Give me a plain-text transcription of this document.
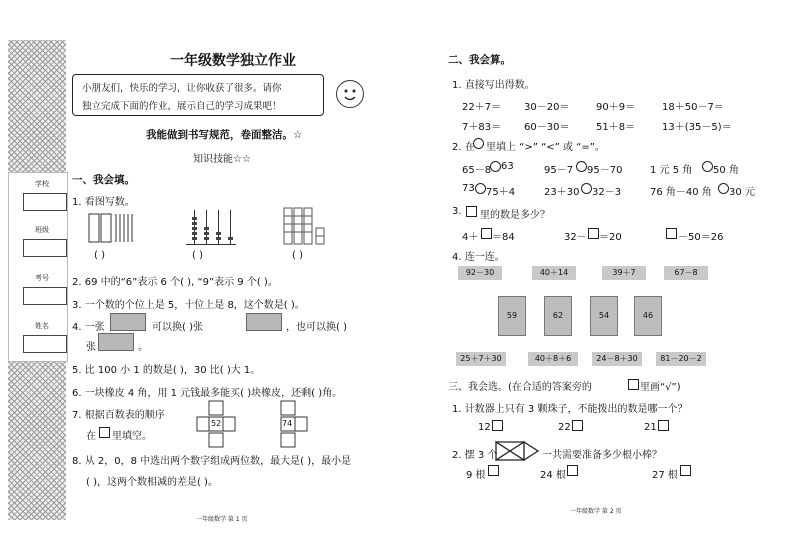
学校
班级
考号
姓名
一年级数学独立作业
小朋友们，快乐的学习，让你收获了很多。请你
独立完成下面的作业，展示自己的学习成果吧！
我能做到书写规范，卷面整洁。☆
知识技能☆☆
一、我会填。
1. 看图写数。
( )	( )	( )
2. 69 中的“6”表示 6 个( ), “9”表示 9 个( )。
3. 一个数的个位上是 5，十位上是 8，这个数是( )。
4. 一张	可以换( )张	，也可以换( )
张	。
5. 比 100 小 1 的数是( )，30 比( )大 1。
6. 一块橡皮 4 角，用 1 元钱最多能买( )块橡皮，还剩( )角。
7. 根据百数表的顺序
在 里填空。
52	74
8. 从 2，0，8 中选出两个数字组成两位数，最大是( )，最小是
( )，这两个数相减的差是( )。
一年级数学 第 1 页
二、我会算。
1. 直接写出得数。
22＋7＝ 30－20＝	90＋9＝	18＋50－7＝
7＋83＝ 60－30＝	51＋8＝	13＋(35－5)＝
2. 在 里填上 “>” “<” 或 “=”。
65－8 63	95－7 95－70	1 元 5 角 50 角
73 75＋4	23＋30 32－3	76 角－40 角 30 元
3. 里的数是多少？
4＋ ＝84	32－ ＝20	－50＝26
4. 连一连。
92－30	40＋14	39＋7	67－8
59	62	54	46
25＋7＋30	40＋8＋6	24－8＋30	81－20－2
三、我会选。(在合适的答案旁的	里画“√”)
1. 计数器上只有 3 颗珠子，不能拨出的数是哪一个？
12	22	21
2. 摆 3 个	一共需要准备多少根小棒？
9 根	24 根	27 根
一年级数学 第 2 页
